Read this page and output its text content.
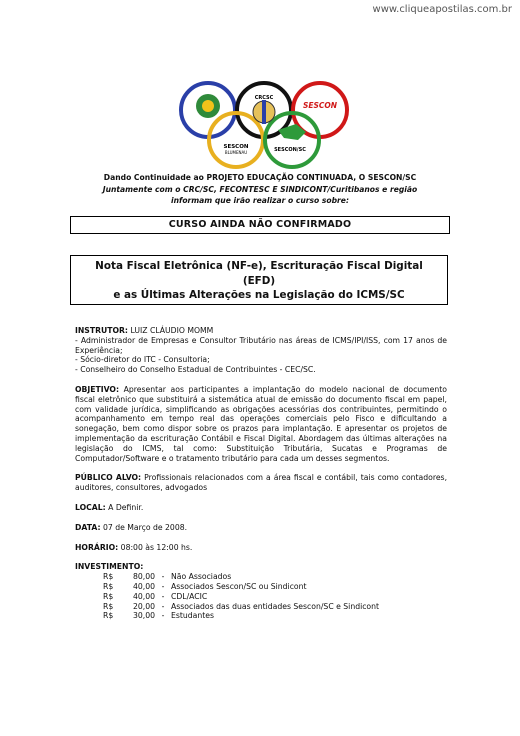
www.cliqueapostilas.com.br
CRCSC
SESCON
SESCON
BLUMENAU	SESCON/SC
Dando Continuidade ao PROJETO EDUCAÇÃO CONTINUADA, O SESCON/SC
Juntamente com o CRC/SC, FECONTESC E SINDICONT/Curitibanos e região
informam que irão realizar o curso sobre:
CURSO AINDA NÃO CONFIRMADO
Nota Fiscal Eletrônica (NF-e), Escrituração Fiscal Digital
(EFD)
e as Últimas Alterações na Legislação do ICMS/SC

INSTRUTOR: LUIZ CLÁUDIO MOMM

- Administrador de Empresas e Consultor Tributário nas áreas de ICMS/IPI/ISS, com 17 anos de Experiência;

- Sócio-diretor do ITC - Consultoria;

- Conselheiro do Conselho Estadual de Contribuintes - CEC/SC.

OBJETIVO: Apresentar aos participantes a implantação do modelo nacional de documento fiscal eletrônico que substituirá a sistemática atual de emissão do documento fiscal em papel, com validade jurídica, simplificando as obrigações acessórias dos contribuintes, permitindo o acompanhamento em tempo real das operações comerciais pelo Fisco e dificultando a sonegação, bem como dispor sobre os prazos para implantação. E apresentar os projetos de implementação da escrituração Contábil e Fiscal Digital. Abordagem das últimas alterações na legislação do ICMS, tal como: Substituição Tributária, Sucatas e Programas de Computador/Software e o tratamento tributário para cada um desses segmentos.

PÚBLICO ALVO: Profissionais relacionados com a área fiscal e contábil, tais como contadores, auditores, consultores, advogados

LOCAL: A Definir.

DATA: 07 de Março de 2008.

HORÁRIO: 08:00 às 12:00 hs.

INVESTIMENTO:

R$	80,00 - Não Associados
R$	40,00 - Associados Sescon/SC ou Sindicont
R$	40,00 - CDL/ACIC
R$	20,00 - Associados das duas entidades Sescon/SC e Sindicont
R$	30,00 - Estudantes
